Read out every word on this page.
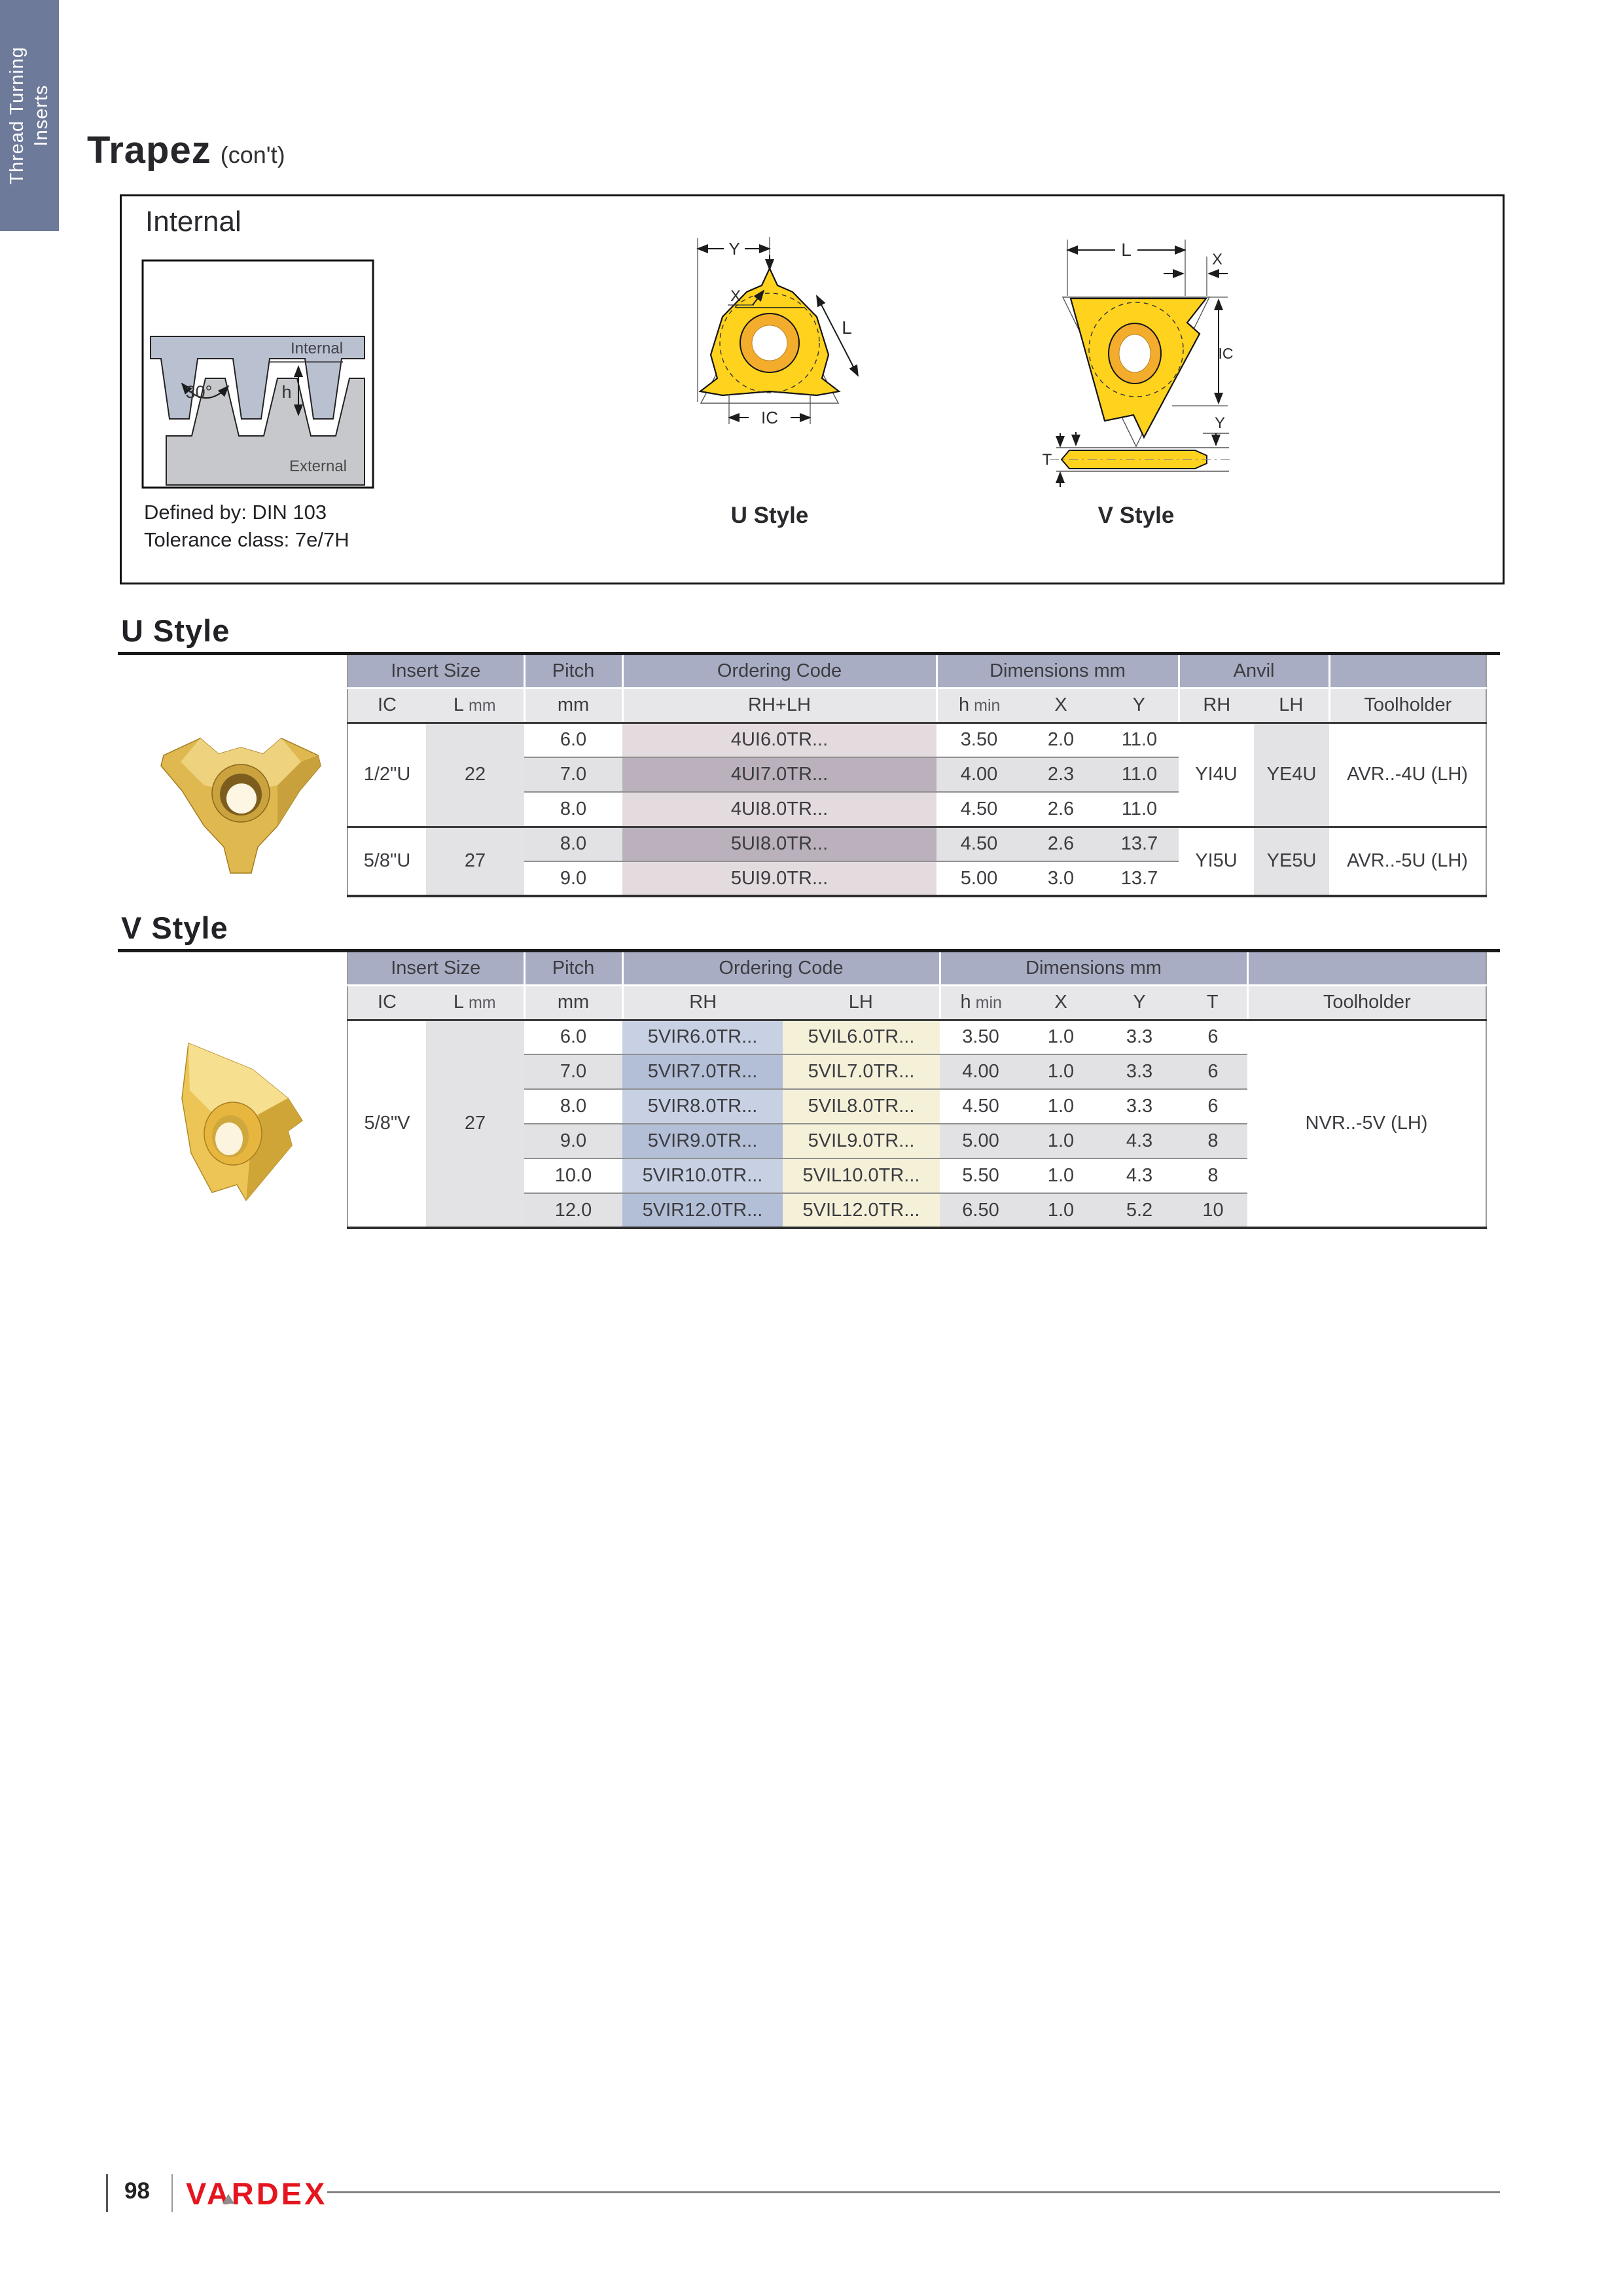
Thread Turning Inserts
Trapez (con't)
Internal
30°	h
Internal
External
Defined by: DIN 103
Tolerance class: 7e/7H
Y
L
X
IC
U Style
L	X
IC
Y
T
V Style
U Style
Insert Size		Pitch	Ordering Code	Dimensions mm			Anvil		
IC	L mm	mm	RH+LH	h min	X	Y	RH	LH	Toolholder
1/2"U	22	6.0	4UI6.0TR...	3.50	2.0	11.0	YI4U	YE4U	AVR..-4U (LH)
		7.0	4UI7.0TR...	4.00	2.3	11.0			
		8.0	4UI8.0TR...	4.50	2.6	11.0			
5/8"U	27	8.0	5UI8.0TR...	4.50	2.6	13.7	YI5U	YE5U	AVR..-5U (LH)
		9.0	5UI9.0TR...	5.00	3.0	13.7			
V Style
Insert Size		Pitch	Ordering Code		Dimensions mm				
IC	L mm	mm	RH	LH	h min	X	Y	T	Toolholder
5/8"V	27	6.0	5VIR6.0TR...	5VIL6.0TR...	3.50	1.0	3.3	6	NVR..-5V (LH)
		7.0	5VIR7.0TR...	5VIL7.0TR...	4.00	1.0	3.3	6	
		8.0	5VIR8.0TR...	5VIL8.0TR...	4.50	1.0	3.3	6	
		9.0	5VIR9.0TR...	5VIL9.0TR...	5.00	1.0	4.3	8	
		10.0	5VIR10.0TR...	5VIL10.0TR...	5.50	1.0	4.3	8	
		12.0	5VIR12.0TR...	5VIL12.0TR...	6.50	1.0	5.2	10	
98 VARDEX
